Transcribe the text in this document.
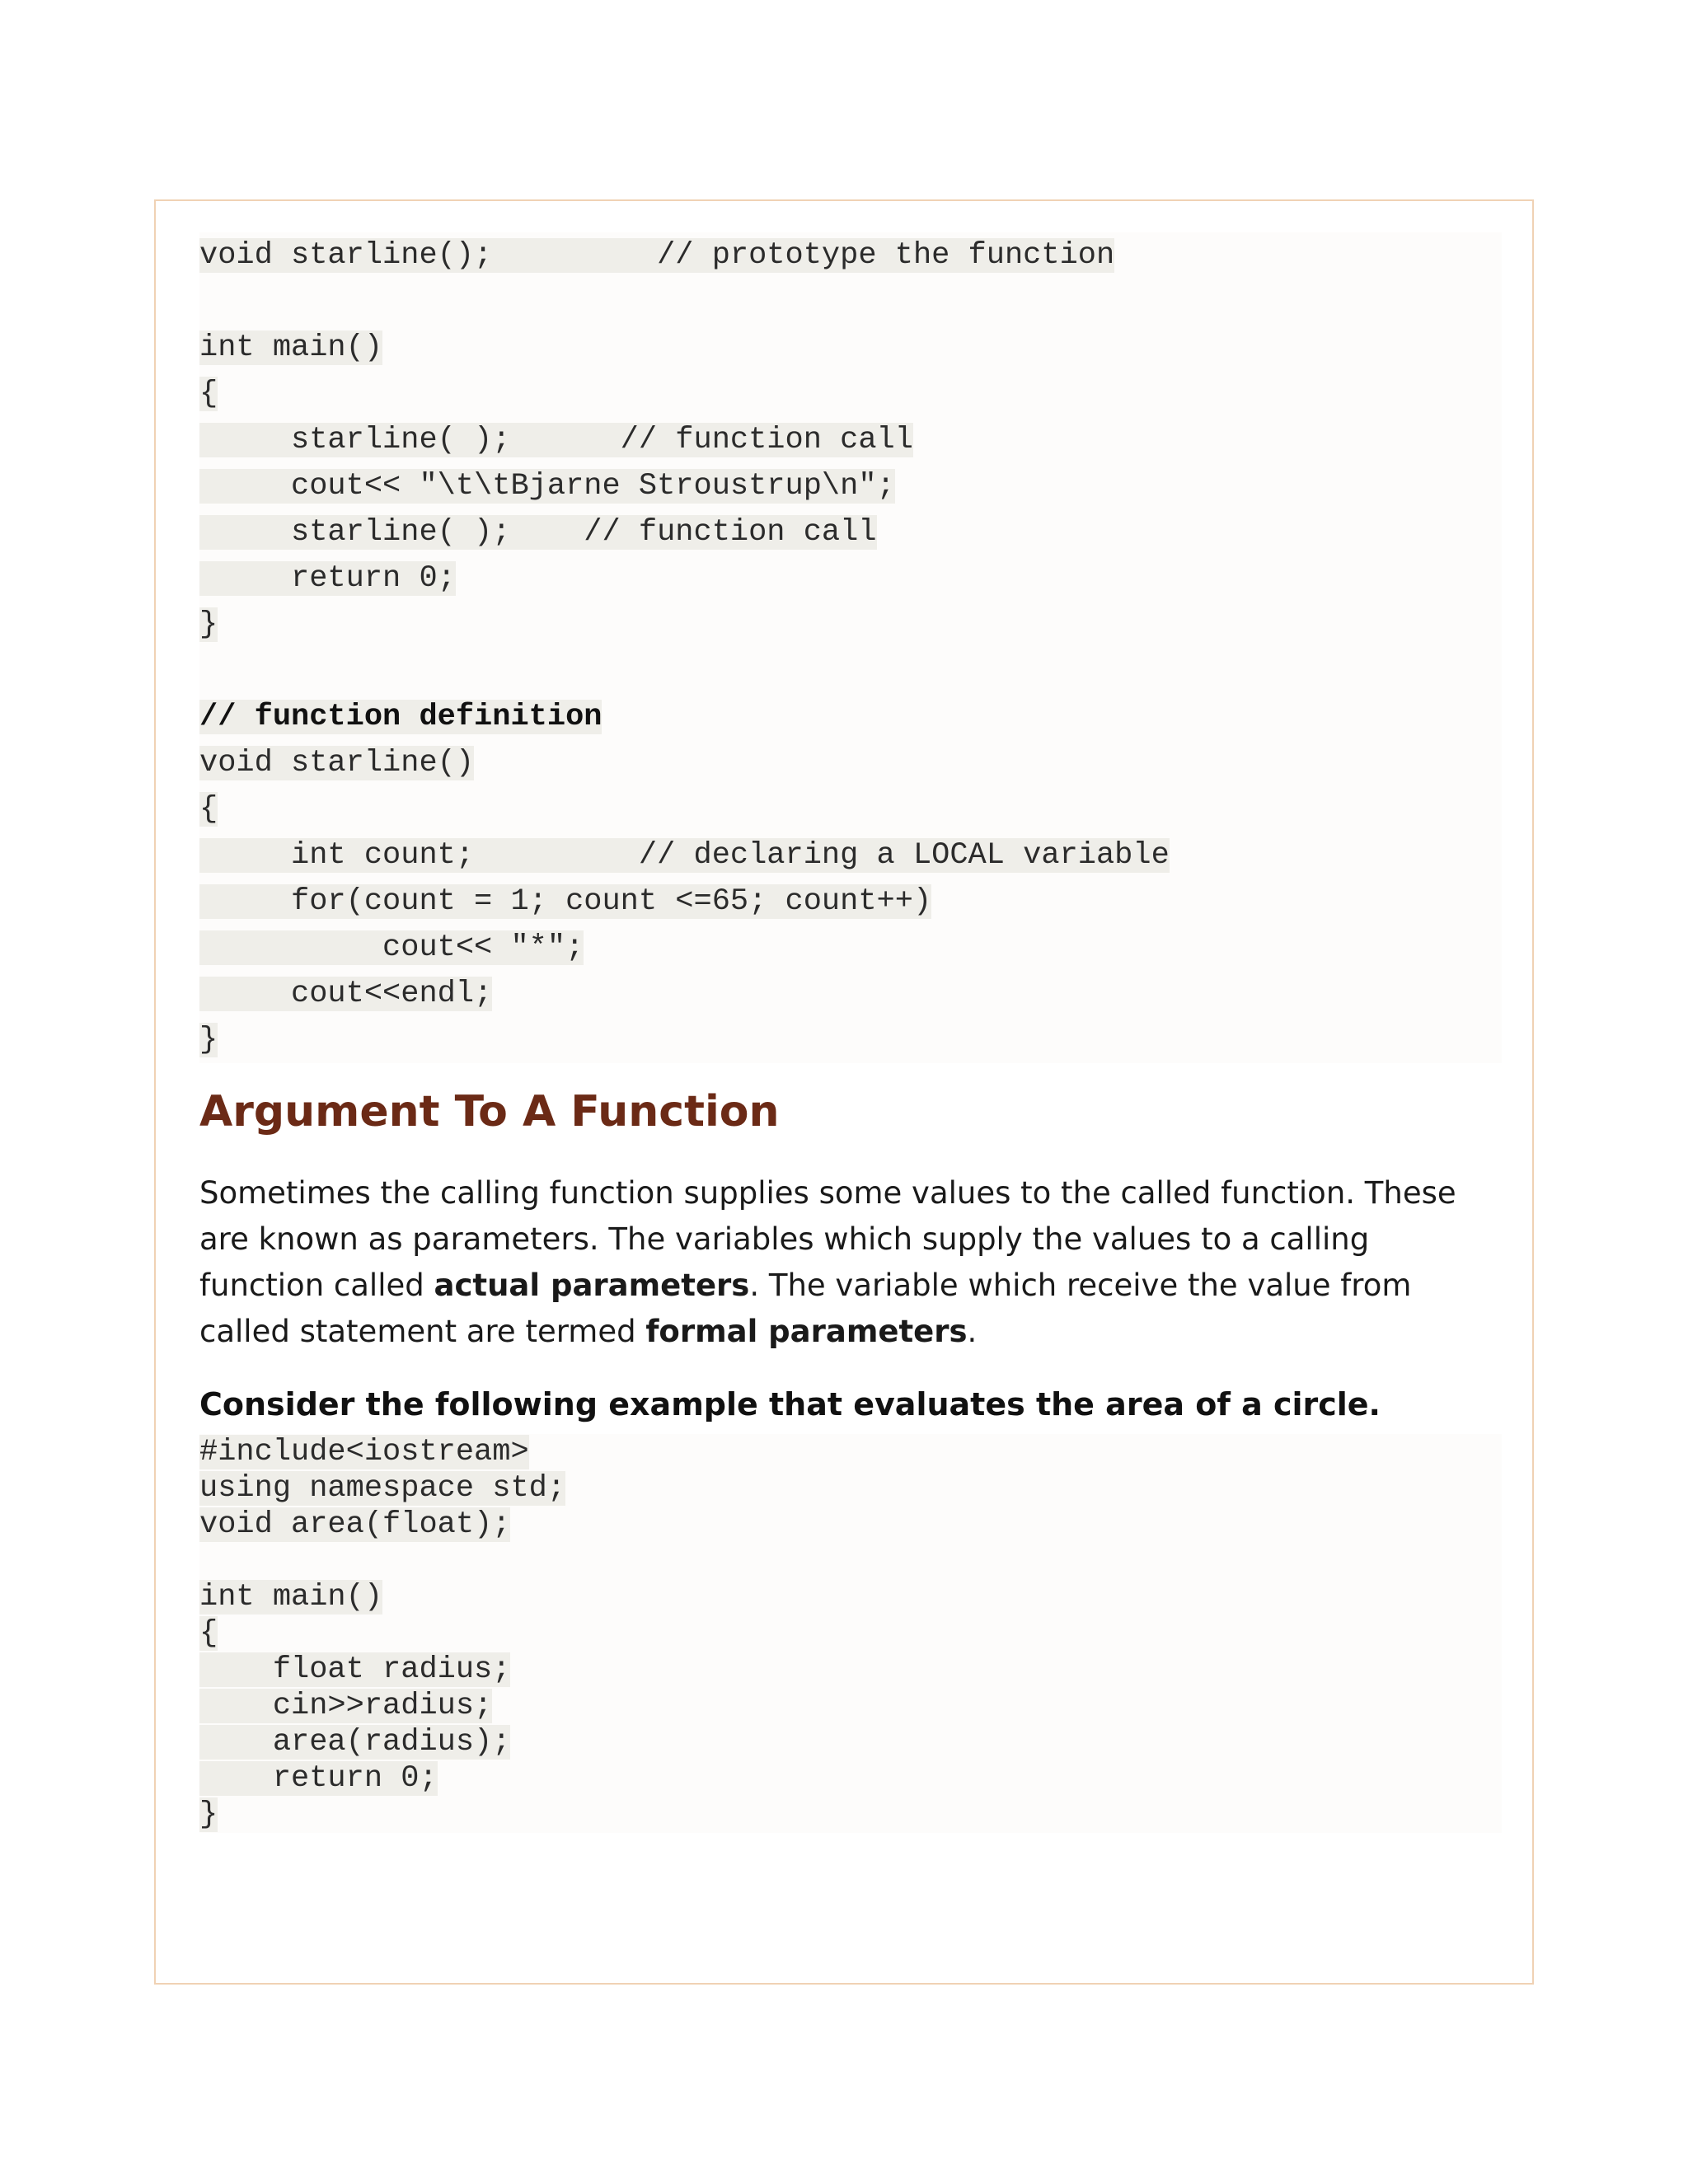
void starline();         // prototype the function
int main()
{
starline( );      // function call
cout<< "\t\tBjarne Stroustrup\n";
starline( );    // function call
return 0;
}
// function definition
void starline()
{
int count;         // declaring a LOCAL variable
for(count = 1; count <=65; count++)
cout<< "*";
cout<<endl;
}
Argument To A Function

Sometimes the calling function supplies some values to the called function. These are known as parameters. The variables which supply the values to a calling function called actual parameters. The variable which receive the value from called statement are termed formal parameters.

Consider the following example that evaluates the area of a circle.

#include<iostream>
using namespace std;
void area(float);
int main()
{
float radius;
cin>>radius;
area(radius);
return 0;
}
